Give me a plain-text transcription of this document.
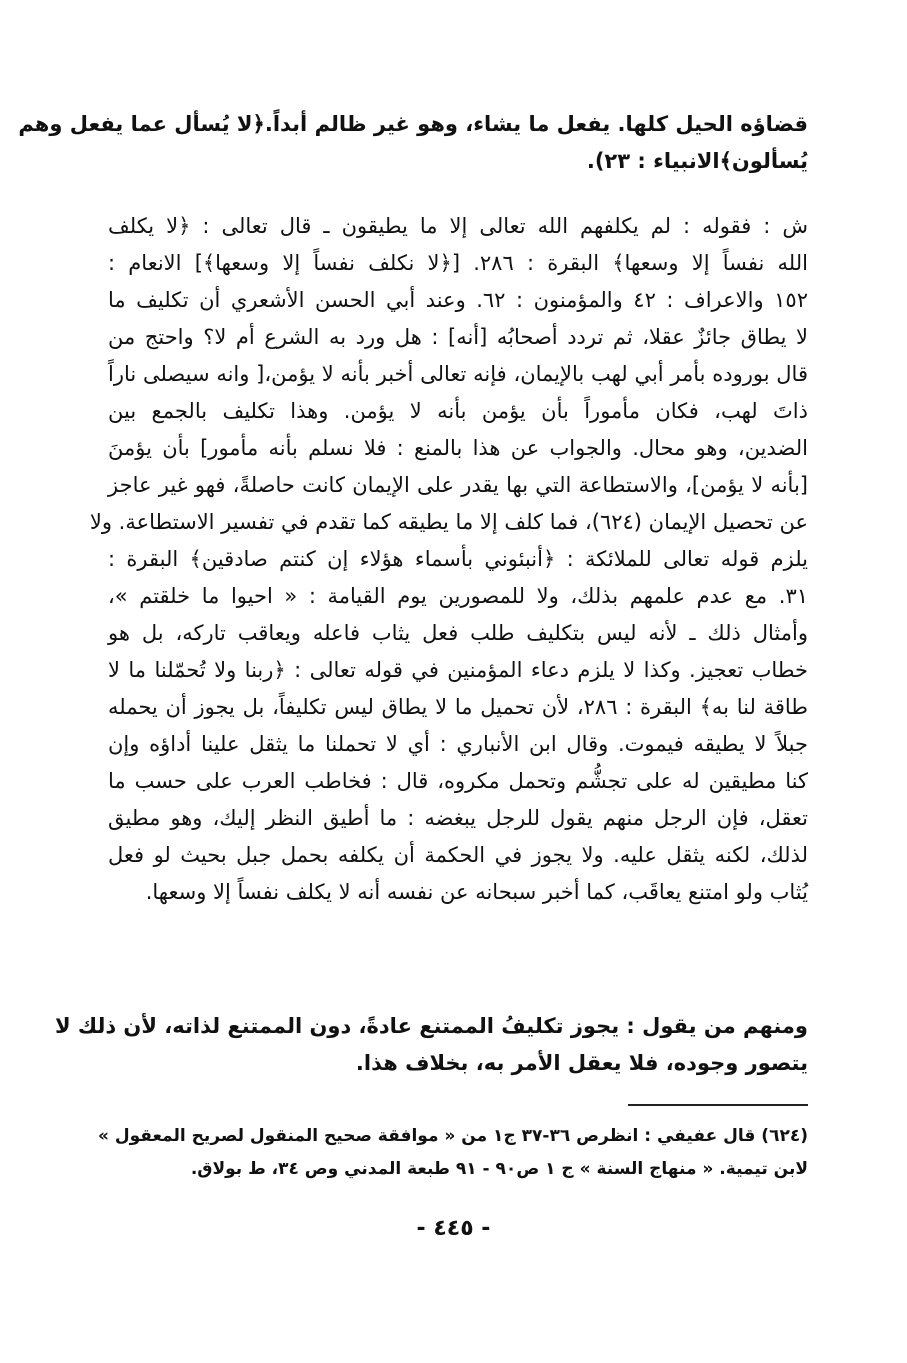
قضاؤه الحيل كلها. يفعل ما يشاء، وهو غير ظالم أبداً.﴿لا يُسأل عما يفعل وهم
يُسألون﴾الانبياء : ٢٣).
ش : فقوله : لم يكلفهم الله تعالى إلا ما يطيقون ـ قال تعالى : ﴿لا يكلف
الله نفساً إلا وسعها﴾ البقرة : ٢٨٦. [﴿لا نكلف نفساً إلا وسعها﴾] الانعام :
١٥٢ والاعراف : ٤٢ والمؤمنون : ٦٢. وعند أبي الحسن الأشعري أن تكليف ما
لا يطاق جائزٌ عقلا، ثم تردد أصحابُه [أنه] : هل ورد به الشرع أم لا؟ واحتج من
قال بوروده بأمر أبي لهب بالإيمان، فإنه تعالى أخبر بأنه لا يؤمن،[ وانه سيصلى ناراً
ذاتَ لهب، فكان مأموراً بأن يؤمن بأنه لا يؤمن. وهذا تكليف بالجمع بين
الضدين، وهو محال. والجواب عن هذا بالمنع : فلا نسلم بأنه مأمور] بأن يؤمنَ
[بأنه لا يؤمن]، والاستطاعة التي بها يقدر على الإيمان كانت حاصلةً، فهو غير عاجز
عن تحصيل الإيمان (٦٢٤)، فما كلف إلا ما يطيقه كما تقدم في تفسير الاستطاعة. ولا
يلزم قوله تعالى للملائكة : ﴿أنبئوني بأسماء هؤلاء إن كنتم صادقين﴾ البقرة :
٣١. مع عدم علمهم بذلك، ولا للمصورين يوم القيامة : « احيوا ما خلقتم »،
وأمثال ذلك ـ لأنه ليس بتكليف طلب فعل يثاب فاعله ويعاقب تاركه، بل هو
خطاب تعجيز. وكذا لا يلزم دعاء المؤمنين في قوله تعالى : ﴿ربنا ولا تُحمّلنا ما لا
طاقة لنا به﴾ البقرة : ٢٨٦، لأن تحميل ما لا يطاق ليس تكليفاً، بل يجوز أن يحمله
جبلاً لا يطيقه فيموت. وقال ابن الأنباري : أي لا تحملنا ما يثقل علينا أداؤه وإن
كنا مطيقين له على تجشُّم وتحمل مكروه، قال : فخاطب العرب على حسب ما
تعقل، فإن الرجل منهم يقول للرجل يبغضه : ما أطيق النظر إليك، وهو مطيق
لذلك، لكنه يثقل عليه. ولا يجوز في الحكمة أن يكلفه بحمل جبل بحيث لو فعل
يُثاب ولو امتنع يعاقَب، كما أخبر سبحانه عن نفسه أنه لا يكلف نفساً إلا وسعها.
ومنهم من يقول : يجوز تكليفُ الممتنع عادةً، دون الممتنع لذاته، لأن ذلك لا
يتصور وجوده، فلا يعقل الأمر به، بخلاف هذا.
(٦٢٤) قال عفيفي : انظرص ٣٦-٣٧ ج١ من « موافقة صحيح المنقول لصريح المعقول »
لابن تيمية. « منهاج السنة » ج ١ ص٩٠ - ٩١ طبعة المدني وص ٣٤، ط بولاق.
- ٤٤٥ -
